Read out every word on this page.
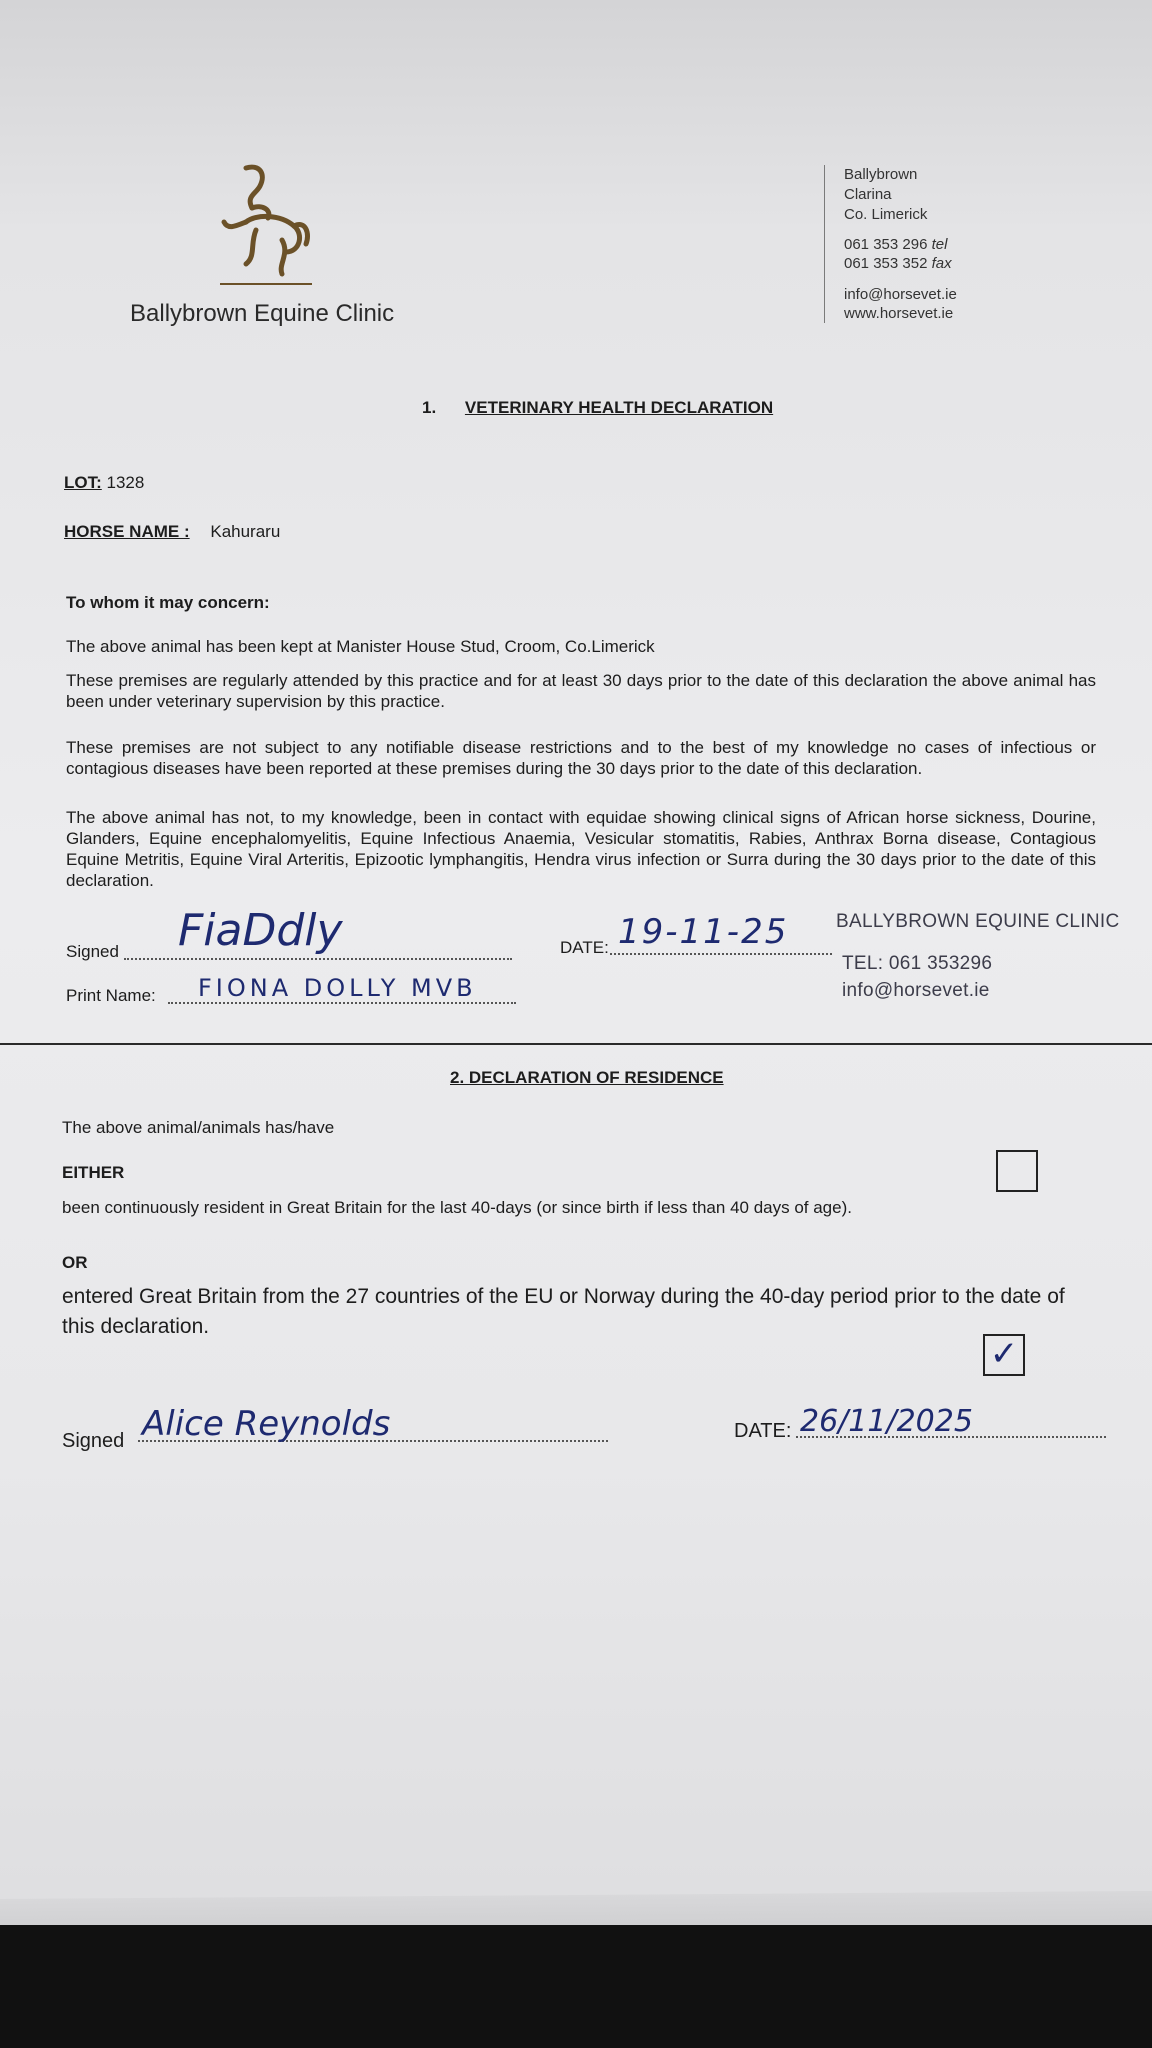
Ballybrown Equine Clinic
Ballybrown
Clarina
Co. Limerick
061 353 296 tel
061 353 352 fax
info@horsevet.ie
www.horsevet.ie
1. VETERINARY HEALTH DECLARATION
LOT: 1328
HORSE NAME : Kahuraru
To whom it may concern:
The above animal has been kept at Manister House Stud, Croom, Co.Limerick
These premises are regularly attended by this practice and for at least 30 days prior to the date of this declaration the above animal has been under veterinary supervision by this practice.
These premises are not subject to any notifiable disease restrictions and to the best of my knowledge no cases of infectious or contagious diseases have been reported at these premises during the 30 days prior to the date of this declaration.
The above animal has not, to my knowledge, been in contact with equidae showing clinical signs of African horse sickness, Dourine, Glanders, Equine encephalomyelitis, Equine Infectious Anaemia, Vesicular stomatitis, Rabies, Anthrax Borna disease, Contagious Equine Metritis, Equine Viral Arteritis, Epizootic lymphangitis, Hendra virus infection or Surra during the 30 days prior to the date of this declaration.
Signed FiaDdly	DATE: 19-11-25
Print Name: FIONA DOLLY MVB
BALLYBROWN EQUINE CLINIC
TEL: 061 353296
info@horsevet.ie
2. DECLARATION OF RESIDENCE
The above animal/animals has/have
EITHER
been continuously resident in Great Britain for the last 40-days (or since birth if less than 40 days of age).
OR
entered Great Britain from the 27 countries of the EU or Norway during the 40-day period prior to the date of this declaration.
✓
Signed Alice Reynolds	DATE: 26/11/2025
